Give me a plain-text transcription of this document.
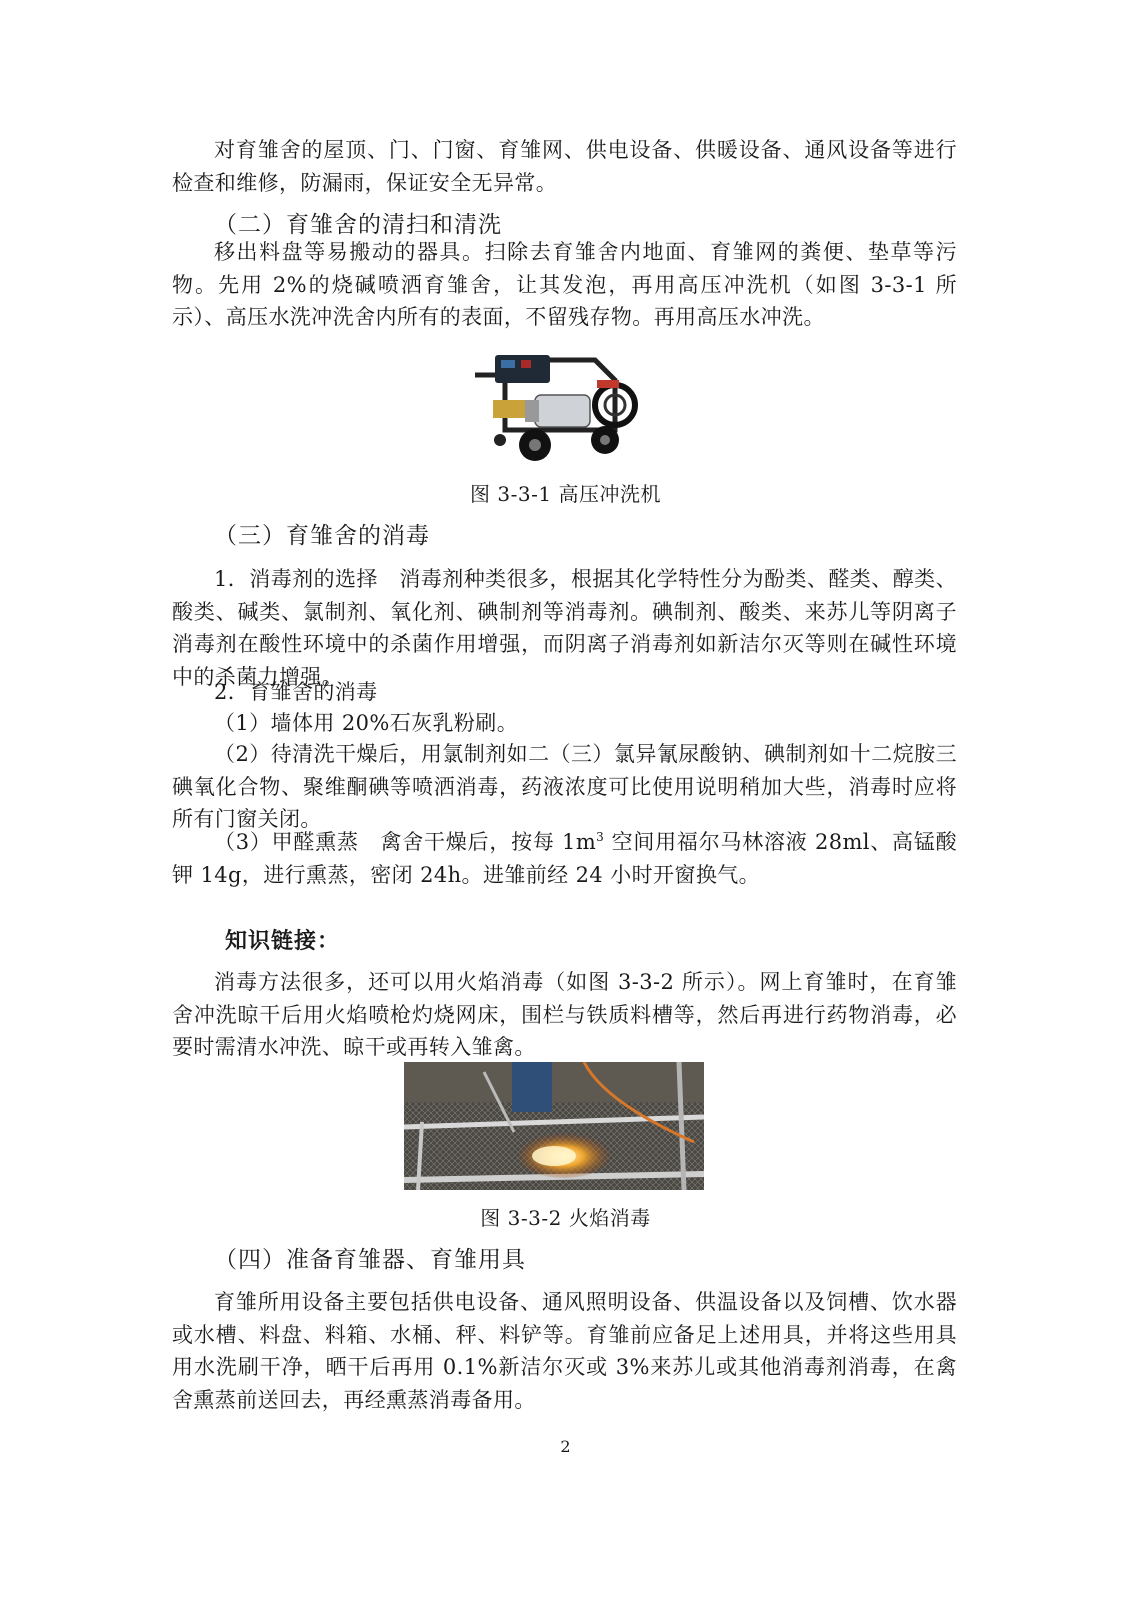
对育雏舍的屋顶、门、门窗、育雏网、供电设备、供暖设备、通风设备等进行检查和维修，防漏雨，保证安全无异常。

（二）育雏舍的清扫和清洗

移出料盘等易搬动的器具。扫除去育雏舍内地面、育雏网的粪便、垫草等污物。先用 2%的烧碱喷洒育雏舍，让其发泡，再用高压冲洗机（如图 3-3-1 所示）、高压水洗冲洗舍内所有的表面，不留残存物。再用高压水冲洗。

图 3-3-1 高压冲洗机

（三）育雏舍的消毒

1．消毒剂的选择　消毒剂种类很多，根据其化学特性分为酚类、醛类、醇类、酸类、碱类、氯制剂、氧化剂、碘制剂等消毒剂。碘制剂、酸类、来苏儿等阴离子消毒剂在酸性环境中的杀菌作用增强，而阴离子消毒剂如新洁尔灭等则在碱性环境中的杀菌力增强。

2．育雏舍的消毒

（1）墙体用 20%石灰乳粉刷。

（2）待清洗干燥后，用氯制剂如二（三）氯异氰尿酸钠、碘制剂如十二烷胺三碘氧化合物、聚维酮碘等喷洒消毒，药液浓度可比使用说明稍加大些，消毒时应将所有门窗关闭。

（3）甲醛熏蒸　禽舍干燥后，按每 $1m^3$ 空间用福尔马林溶液 28ml、高锰酸钾 14g，进行熏蒸，密闭 24h。进雏前经 24 小时开窗换气。

知识链接：

消毒方法很多，还可以用火焰消毒（如图 3-3-2 所示）。网上育雏时，在育雏舍冲洗晾干后用火焰喷枪灼烧网床，围栏与铁质料槽等，然后再进行药物消毒，必要时需清水冲洗、晾干或再转入雏禽。

图 3-3-2 火焰消毒

（四）准备育雏器、育雏用具

育雏所用设备主要包括供电设备、通风照明设备、供温设备以及饲槽、饮水器或水槽、料盘、料箱、水桶、秤、料铲等。育雏前应备足上述用具，并将这些用具用水洗刷干净，晒干后再用 0.1%新洁尔灭或 3%来苏儿或其他消毒剂消毒，在禽舍熏蒸前送回去，再经熏蒸消毒备用。

2
